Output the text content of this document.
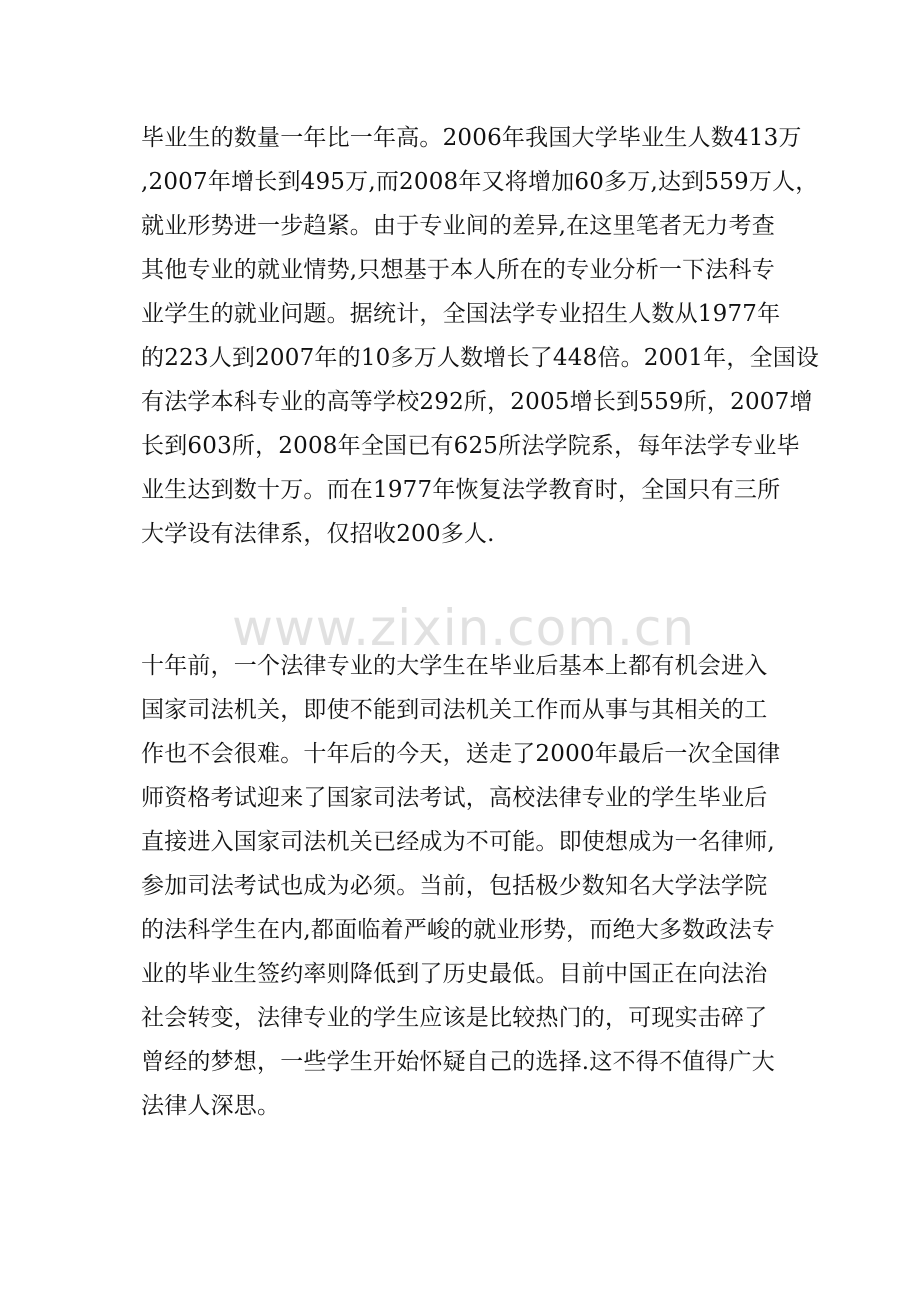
www.zixin.com.cn
毕业生的数量一年比一年高。2006年我国大学毕业生人数413万
,2007年增长到495万,而2008年又将增加60多万,达到559万人，
就业形势进一步趋紧。由于专业间的差异,在这里笔者无力考查
其他专业的就业情势,只想基于本人所在的专业分析一下法科专
业学生的就业问题。据统计，全国法学专业招生人数从1977年
的223人到2007年的10多万人数增长了448倍。2001年，全国设
有法学本科专业的高等学校292所，2005增长到559所，2007增
长到603所，2008年全国已有625所法学院系，每年法学专业毕
业生达到数十万。而在1977年恢复法学教育时，全国只有三所
大学设有法律系，仅招收200多人.
十年前，一个法律专业的大学生在毕业后基本上都有机会进入
国家司法机关，即使不能到司法机关工作而从事与其相关的工
作也不会很难。十年后的今天，送走了2000年最后一次全国律
师资格考试迎来了国家司法考试，高校法律专业的学生毕业后
直接进入国家司法机关已经成为不可能。即使想成为一名律师,
参加司法考试也成为必须。当前，包括极少数知名大学法学院
的法科学生在内,都面临着严峻的就业形势，而绝大多数政法专
业的毕业生签约率则降低到了历史最低。目前中国正在向法治
社会转变，法律专业的学生应该是比较热门的，可现实击碎了
曾经的梦想，一些学生开始怀疑自己的选择.这不得不值得广大
法律人深思。
